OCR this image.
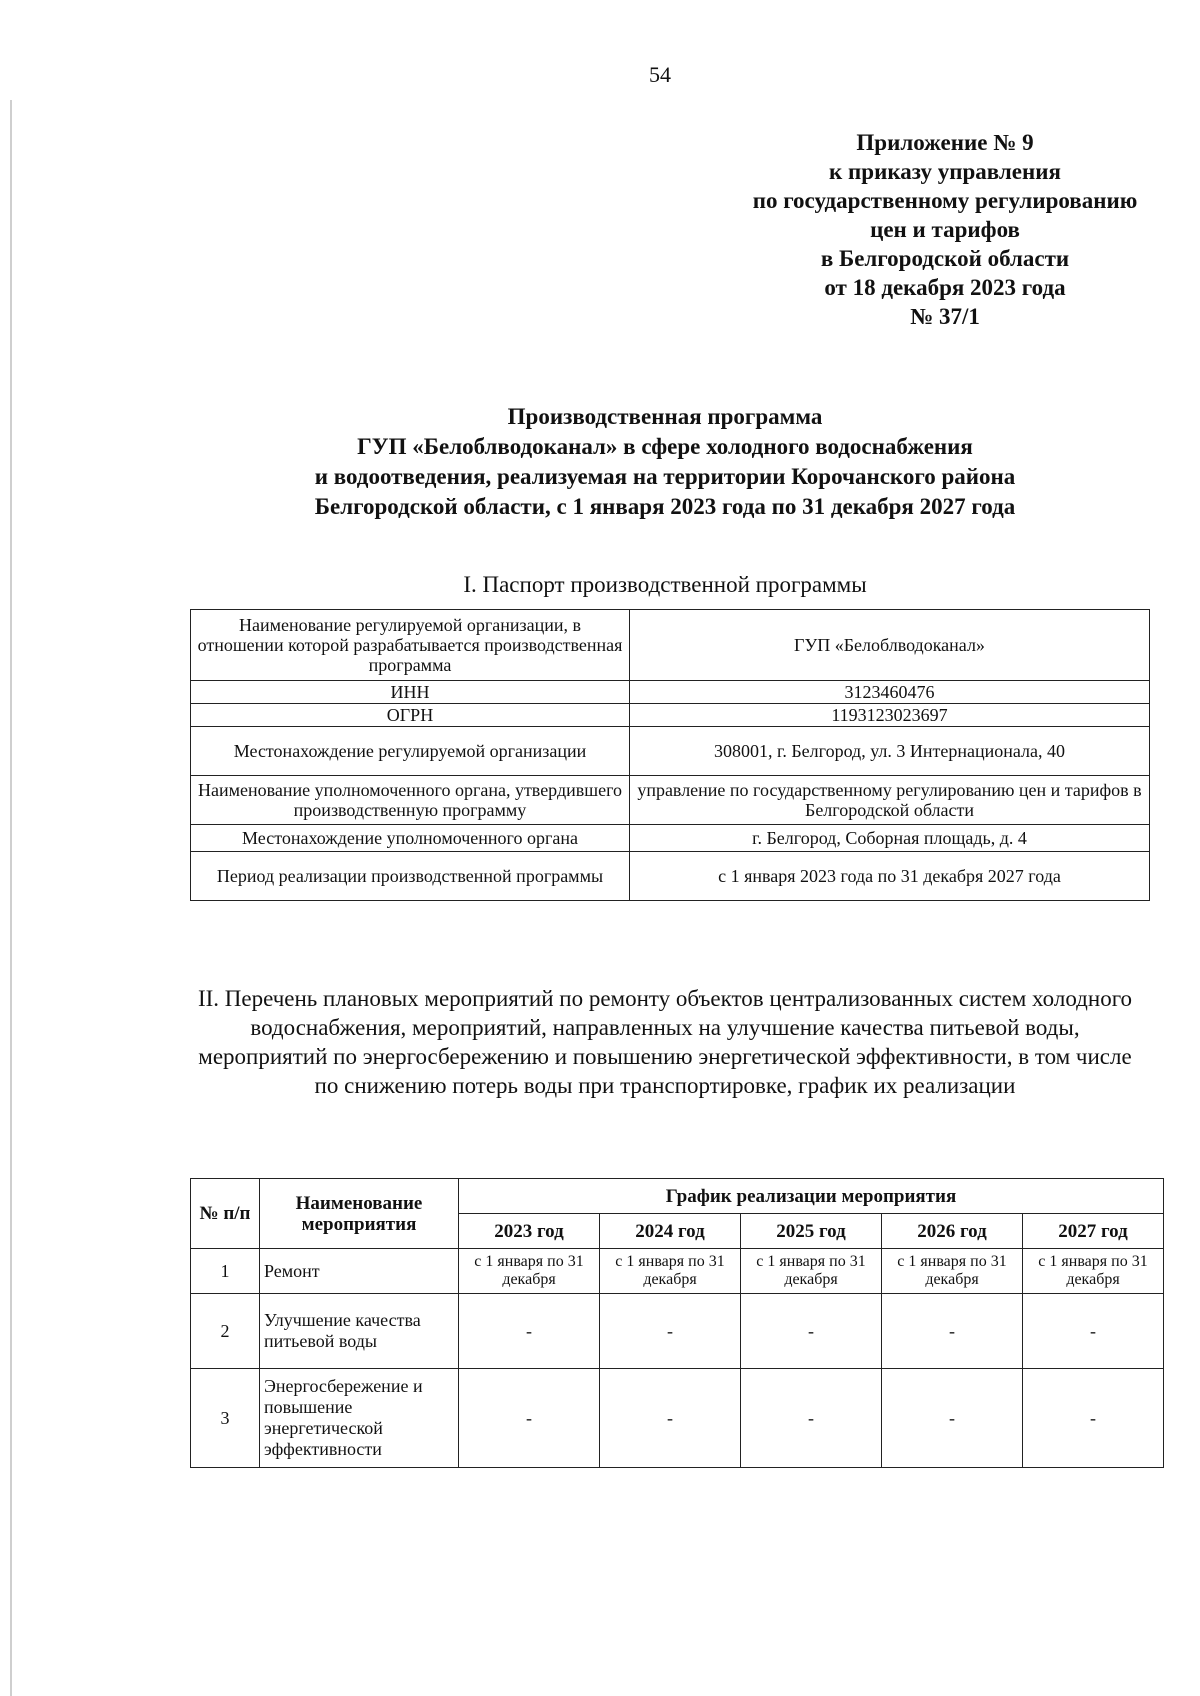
54
Приложение № 9
к приказу управления
по государственному регулированию
цен и тарифов
в Белгородской области
от 18 декабря 2023 года
№ 37/1
Производственная программа
ГУП «Белоблводоканал» в сфере холодного водоснабжения
и водоотведения, реализуемая на территории Корочанского района
Белгородской области, с 1 января 2023 года по 31 декабря 2027 года
I. Паспорт производственной программы
Наименование регулируемой организации, в отношении которой разрабатывается производственная программа	ГУП «Белоблводоканал»
ИНН	3123460476
ОГРН	1193123023697
Местонахождение регулируемой организации	308001, г. Белгород, ул. 3 Интернационала, 40
Наименование уполномоченного органа, утвердившего производственную программу	управление по государственному регулированию цен и тарифов в Белгородской области
Местонахождение уполномоченного органа	г. Белгород, Соборная площадь, д. 4
Период реализации производственной программы	с 1 января 2023 года по 31 декабря 2027 года
II. Перечень плановых мероприятий по ремонту объектов централизованных систем холодного водоснабжения, мероприятий, направленных на улучшение качества питьевой воды, мероприятий по энергосбережению и повышению энергетической эффективности, в том числе по снижению потерь воды при транспортировке, график их реализации
№ п/п	Наименование мероприятия	График реализации мероприятия				
		2023 год	2024 год	2025 год	2026 год	2027 год
1	Ремонт	с 1 января по 31 декабря	с 1 января по 31 декабря	с 1 января по 31 декабря	с 1 января по 31 декабря	с 1 января по 31 декабря
2	Улучшение качества питьевой воды	-	-	-	-	-
3	Энергосбережение и повышение энергетической эффективности	-	-	-	-	-
